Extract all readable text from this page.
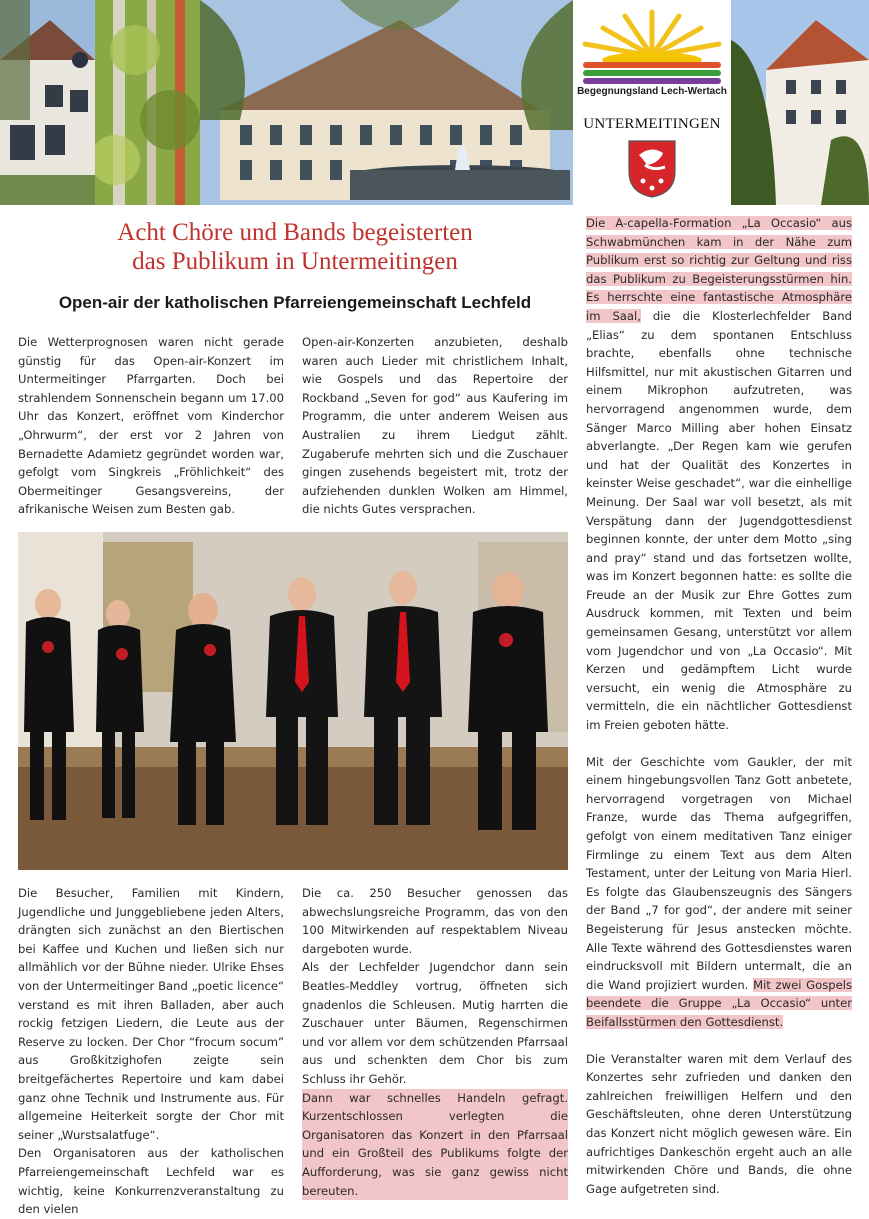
Begegnungsland Lech-Wertach
UNTERMEITINGEN
Acht Chöre und Bands begeisterten
das Publikum in Untermeitingen
Open-air der katholischen Pfarreiengemeinschaft Lechfeld

Die Wetterprognosen waren nicht gerade günstig für das Open-air-Konzert im Untermeitinger Pfarrgarten. Doch bei strahlendem Sonnenschein begann um 17.00 Uhr das Konzert, eröffnet vom Kinderchor „Ohrwurm“, der erst vor 2 Jahren von Bernadette Adamietz gegründet worden war, gefolgt vom Singkreis „Fröhlichkeit“ des Obermeitinger Gesangsvereins, der afrikanische Weisen zum Besten gab.

Open-air-Konzerten anzubieten, deshalb waren auch Lieder mit christlichem Inhalt, wie Gospels und das Repertoire der Rockband „Seven for god“ aus Kaufering im Programm, die unter anderem Weisen aus Australien zu ihrem Liedgut zählt. Zugaberufe mehrten sich und die Zuschauer gingen zusehends begeistert mit, trotz der aufziehenden dunklen Wolken am Himmel, die nichts Gutes versprachen.

Die Besucher, Familien mit Kindern, Jugendliche und Junggebliebene jeden Alters, drängten sich zunächst an den Biertischen bei Kaffee und Kuchen und ließen sich nur allmählich vor der Bühne nieder. Ulrike Ehses von der Untermeitinger Band „poetic licence“ verstand es mit ihren Balladen, aber auch rockig fetzigen Liedern, die Leute aus der Reserve zu locken. Der Chor “frocum socum” aus Großkitzighofen zeigte sein breitgefächertes Repertoire und kam dabei ganz ohne Technik und Instrumente aus. Für allgemeine Heiterkeit sorgte der Chor mit seiner „Wurstsalatfuge“.

Den Organisatoren aus der katholischen Pfarreiengemeinschaft Lechfeld war es wichtig, keine Konkurrenzveranstaltung zu den vielen

Die ca. 250 Besucher genossen das abwechslungsreiche Programm, das von den 100 Mitwirkenden auf respektablem Niveau dargeboten wurde.

Als der Lechfelder Jugendchor dann sein Beatles-Meddley vortrug, öffneten sich gnadenlos die Schleusen. Mutig harrten die Zuschauer unter Bäumen, Regenschirmen und vor allem vor dem schützenden Pfarrsaal aus und schenkten dem Chor bis zum Schluss ihr Gehör.

Dann war schnelles Handeln gefragt. Kurzentschlossen verlegten die Organisatoren das Konzert in den Pfarrsaal und ein Großteil des Publikums folgte der Aufforderung, was sie ganz gewiss nicht bereuten.

Die A-capella-Formation „La Occasio“ aus Schwabmünchen kam in der Nähe zum Publikum erst so richtig zur Geltung und riss das Publikum zu Begeisterungsstürmen hin. Es herrschte eine fantastische Atmosphäre im Saal, die die Klosterlechfelder Band „Elias“ zu dem spontanen Entschluss brachte, ebenfalls ohne technische Hilfsmittel, nur mit akustischen Gitarren und einem Mikrophon aufzutreten, was hervorragend angenommen wurde, dem Sänger Marco Milling aber hohen Einsatz abverlangte. „Der Regen kam wie gerufen und hat der Qualität des Konzertes in keinster Weise geschadet“, war die einhellige Meinung. Der Saal war voll besetzt, als mit Verspätung dann der Jugendgottesdienst beginnen konnte, der unter dem Motto „sing and pray“ stand und das fortsetzen wollte, was im Konzert begonnen hatte: es sollte die Freude an der Musik zur Ehre Gottes zum Ausdruck kommen, mit Texten und beim gemeinsamen Gesang, unterstützt vor allem vom Jugendchor und von „La Occasio“. Mit Kerzen und gedämpftem Licht wurde versucht, ein wenig die Atmosphäre zu vermitteln, die ein nächtlicher Gottesdienst im Freien geboten hätte.

Mit der Geschichte vom Gaukler, der mit einem hingebungsvollen Tanz Gott anbetete, hervorragend vorgetragen von Michael Franze, wurde das Thema aufgegriffen, gefolgt von einem meditativen Tanz einiger Firmlinge zu einem Text aus dem Alten Testament, unter der Leitung von Maria Hierl. Es folgte das Glaubenszeugnis des Sängers der Band „7 for god“, der andere mit seiner Begeisterung für Jesus anstecken möchte. Alle Texte während des Gottesdienstes waren eindrucksvoll mit Bildern untermalt, die an die Wand projiziert wurden. Mit zwei Gospels beendete die Gruppe „La Occasio“ unter Beifallsstürmen den Gottesdienst.

Die Veranstalter waren mit dem Verlauf des Konzertes sehr zufrieden und danken den zahlreichen freiwilligen Helfern und den Geschäftsleuten, ohne deren Unterstützung das Konzert nicht möglich gewesen wäre. Ein aufrichtiges Dankeschön ergeht auch an alle mitwirkenden Chöre und Bands, die ohne Gage aufgetreten sind.
